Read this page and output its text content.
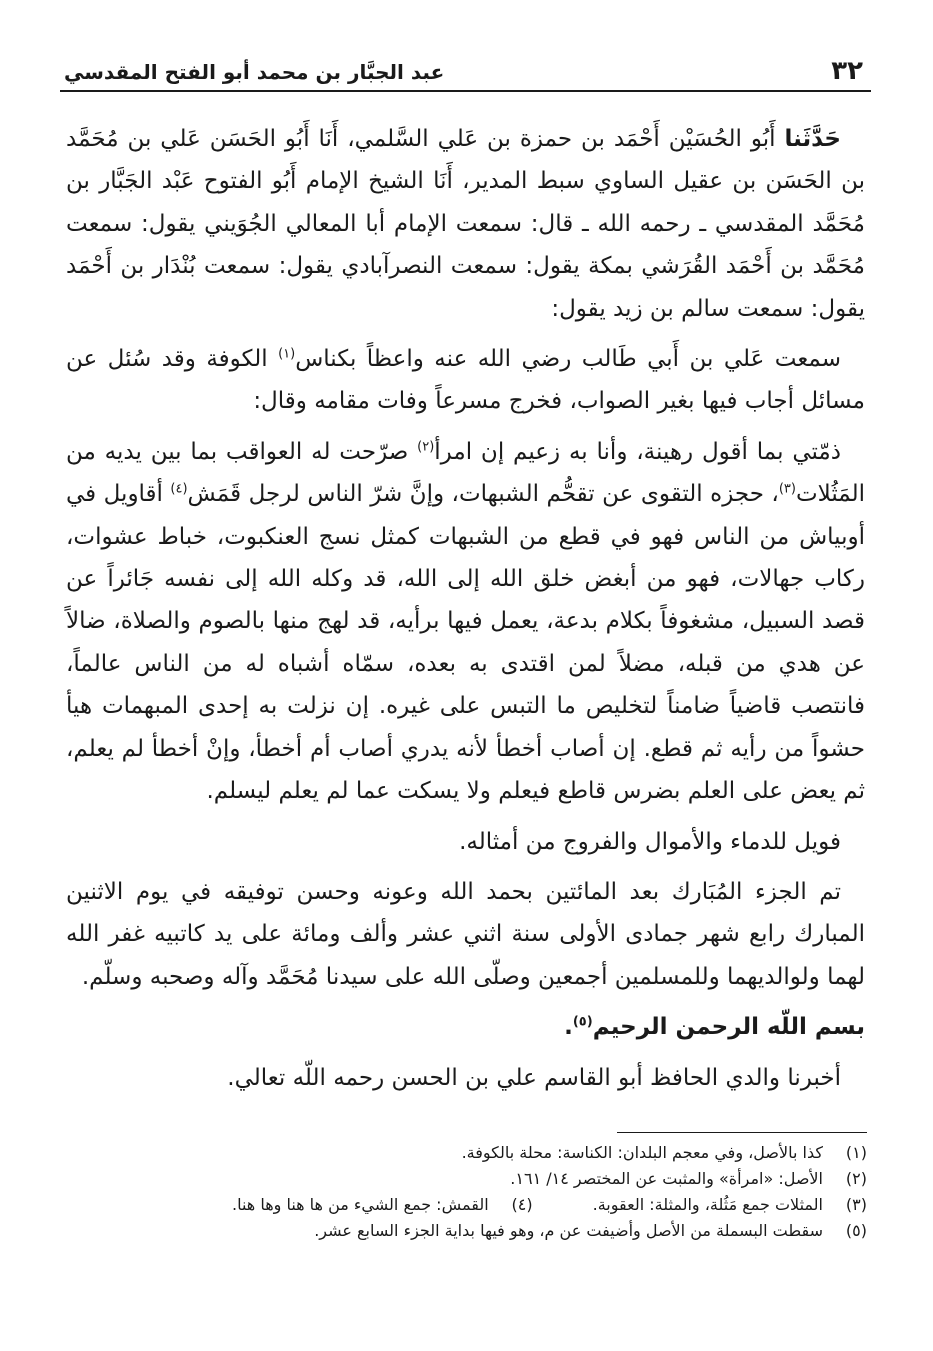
٣٢
عبد الجبَّار بن محمد أبو الفتح المقدسي

حَدَّثَنا أَبُو الحُسَيْن أَحْمَد بن حمزة بن عَلي السَّلمي، أَنَا أَبُو الحَسَن عَلي بن مُحَمَّد بن الحَسَن بن عقيل الساوي سبط المدير، أَنَا الشيخ الإمام أَبُو الفتوح عَبْد الجَبَّار بن مُحَمَّد المقدسي ـ رحمه الله ـ قال: سمعت الإمام أبا المعالي الجُوَيني يقول: سمعت مُحَمَّد بن أَحْمَد القُرَشي بمكة يقول: سمعت النصرآبادي يقول: سمعت بُنْدَار بن أَحْمَد يقول: سمعت سالم بن زيد يقول:

سمعت عَلي بن أَبي طَالب رضي الله عنه واعظاً بكناس$^{(١)}$ الكوفة وقد سُئل عن مسائل أجاب فيها بغير الصواب، فخرج مسرعاً وفات مقامه وقال:

ذمّتي بما أقول رهينة، وأنا به زعيم إن امرأ$^{(٢)}$ صرّحت له العواقب بما بين يديه من المَثُلات$^{(٣)}$، حجزه التقوى عن تقحُّم الشبهات، وإنَّ شرّ الناس لرجل قَمَش$^{(٤)}$ أقاويل في أوبياش من الناس فهو في قطع من الشبهات كمثل نسج العنكبوت، خباط عشوات، ركاب جهالات، فهو من أبغض خلق الله إلى الله، قد وكله الله إلى نفسه جَائراً عن قصد السبيل، مشغوفاً بكلام بدعة، يعمل فيها برأيه، قد لهج منها بالصوم والصلاة، ضالاً عن هدي من قبله، مضلاً لمن اقتدى به بعده، سمّاه أشباه له من الناس عالماً، فانتصب قاضياً ضامناً لتخليص ما التبس على غيره. إن نزلت به إحدى المبهمات هيأ حشواً من رأيه ثم قطع. إن أصاب أخطأ لأنه يدري أصاب أم أخطأ، وإنْ أخطأ لم يعلم، ثم يعض على العلم بضرس قاطع فيعلم ولا يسكت عما لم يعلم ليسلم.

فويل للدماء والأموال والفروج من أمثاله.

تم الجزء المُبَارك بعد المائتين بحمد الله وعونه وحسن توفيقه في يوم الاثنين المبارك رابع شهر جمادى الأولى سنة اثني عشر وألف ومائة على يد كاتبيه غفر الله لهما ولوالديهما وللمسلمين أجمعين وصلّى الله على سيدنا مُحَمَّد وآله وصحبه وسلّم.

بسم اللّه الرحمن الرحيم$^{(٥)}$.

أخبرنا والدي الحافظ أبو القاسم علي بن الحسن رحمه اللّه تعالي.

(١)
كذا بالأصل، وفي معجم البلدان: الكناسة: محلة بالكوفة.
(٢)
الأصل: «امرأة» والمثبت عن المختصر ١٤/ ١٦١.
(٣)
المثلات جمع مَثُلة، والمثلة: العقوبة.
(٤)
القمش: جمع الشيء من ها هنا وها هنا.
(٥)
سقطت البسملة من الأصل وأضيفت عن م، وهو فيها بداية الجزء السابع عشر.
